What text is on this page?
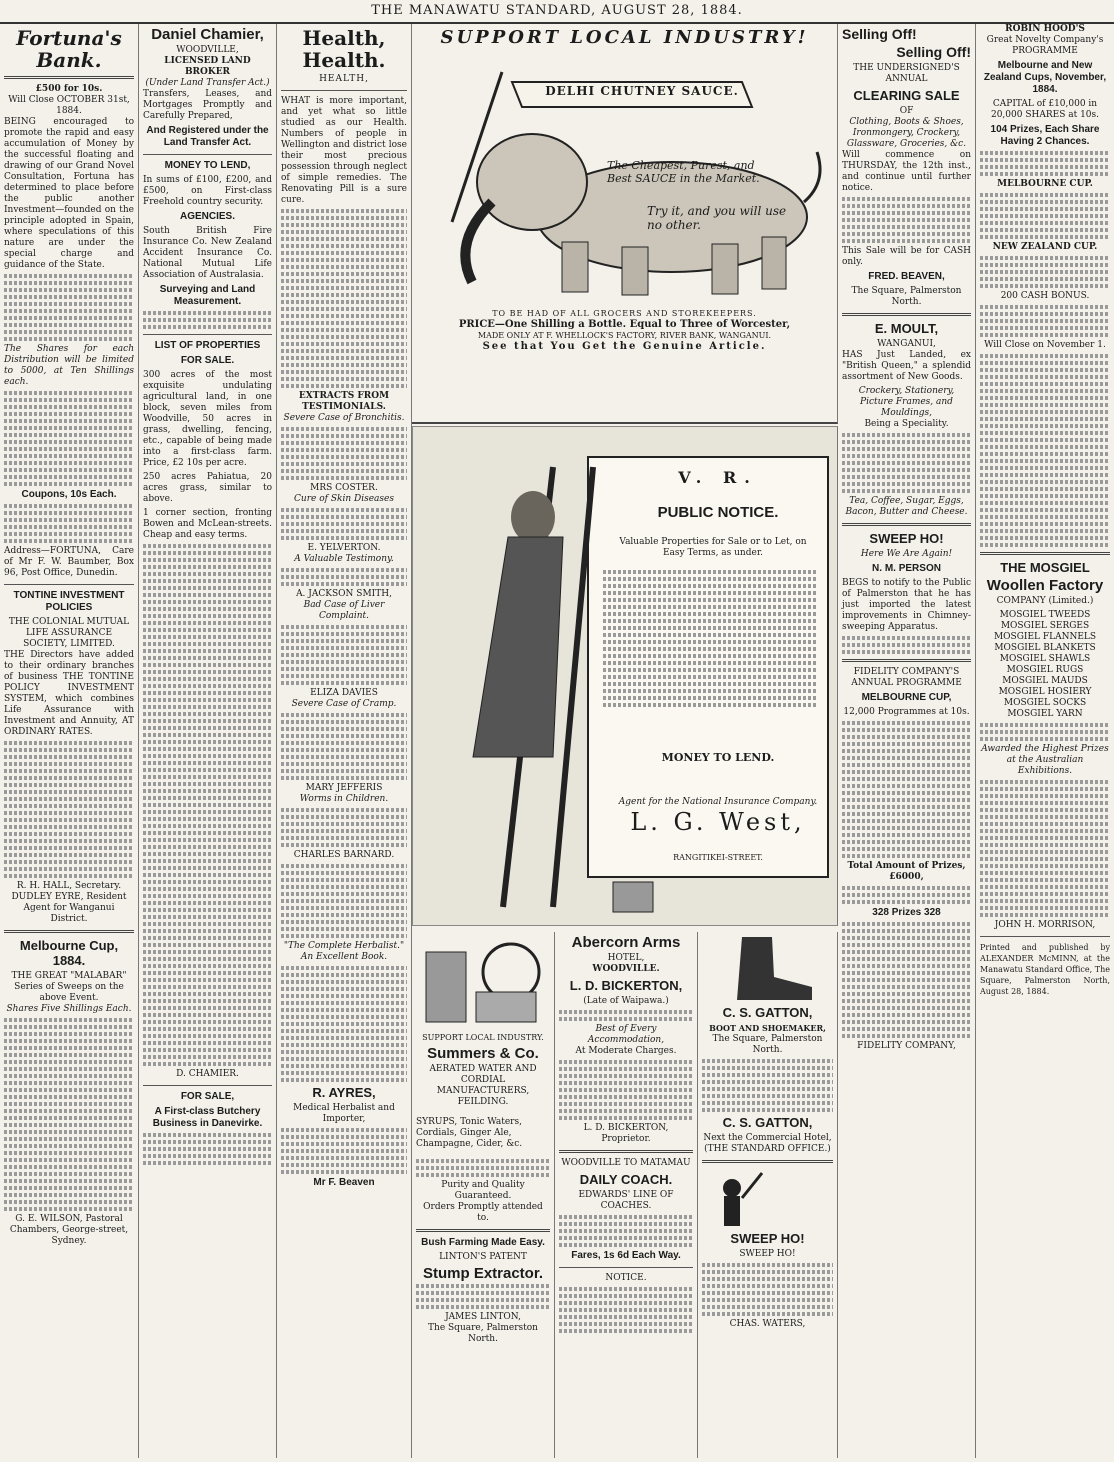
THE MANAWATU STANDARD, AUGUST 28, 1884.
Fortuna's Bank.
£500 for 10s.
Will Close OCTOBER 31st, 1884.

BEING encouraged to promote the rapid and easy accumulation of Money by the successful floating and drawing of our Grand Novel Consultation, Fortuna has determined to place before the public another Investment—founded on the principle adopted in Spain, where speculations of this nature are under the special charge and guidance of the State.

The Shares for each Distribution will be limited to 5000, at Ten Shillings each.

Coupons, 10s Each.

Address—FORTUNA, Care of Mr F. W. Baumber, Box 96, Post Office, Dunedin.

TONTINE INVESTMENT POLICIES
THE COLONIAL MUTUAL LIFE ASSURANCE SOCIETY, LIMITED.

THE Directors have added to their ordinary branches of business THE TONTINE POLICY INVESTMENT SYSTEM, which combines Life Assurance with Investment and Annuity, AT ORDINARY RATES.

R. H. HALL, Secretary.
DUDLEY EYRE, Resident Agent for Wanganui District.
Melbourne Cup, 1884.
THE GREAT "MALABAR" Series of Sweeps on the above Event.
Shares Five Shillings Each.
G. E. WILSON, Pastoral Chambers, George-street, Sydney.
Daniel Chamier,
WOODVILLE,
LICENSED LAND BROKER
(Under Land Transfer Act.)

Transfers, Leases, and Mortgages Promptly and Carefully Prepared,

And Registered under the Land Transfer Act.
MONEY TO LEND,

In sums of £100, £200, and £500, on First-class Freehold country security.

AGENCIES.

South British Fire Insurance Co. New Zealand Accident Insurance Co. National Mutual Life Association of Australasia.

Surveying and Land Measurement.
LIST OF PROPERTIES
FOR SALE.

300 acres of the most exquisite undulating agricultural land, in one block, seven miles from Woodville, 50 acres in grass, dwelling, fencing, etc., capable of being made into a first-class farm. Price, £2 10s per acre.

250 acres Pahiatua, 20 acres grass, similar to above.

1 corner section, fronting Bowen and McLean-streets. Cheap and easy terms.

D. CHAMIER.
FOR SALE,
A First-class Butchery Business in Danevirke.
Health, Health.
HEALTH,

WHAT is more important, and yet what so little studied as our Health. Numbers of people in Wellington and district lose their most precious possession through neglect of simple remedies. The Renovating Pill is a sure cure.

EXTRACTS FROM TESTIMONIALS.
Severe Case of Bronchitis.
MRS COSTER.
Cure of Skin Diseases
E. YELVERTON.
A Valuable Testimony.
A. JACKSON SMITH,
Bad Case of Liver Complaint.
ELIZA DAVIES
Severe Case of Cramp.
MARY JEFFERIS
Worms in Children.
CHARLES BARNARD.
"The Complete Herbalist." An Excellent Book.
R. AYRES,
Medical Herbalist and Importer,
Mr F. Beaven
SUPPORT LOCAL INDUSTRY!
DELHI CHUTNEY SAUCE.
The Cheapest, Purest, and Best SAUCE in the Market.
Try it, and you will use no other.
TO BE HAD OF ALL GROCERS AND STOREKEEPERS.
PRICE—One Shilling a Bottle. Equal to Three of Worcester,
MADE ONLY AT F. WHELLOCK'S FACTORY, RIVER BANK, WANGANUI.
See that You Get the Genuine Article.
V. R.
PUBLIC NOTICE.
Valuable Properties for Sale or to Let, on Easy Terms, as under.
MONEY TO LEND.
Agent for the National Insurance Company.
L. G. West,
RANGITIKEI-STREET.
SUPPORT LOCAL INDUSTRY.
Summers & Co.
AERATED WATER AND CORDIAL MANUFACTURERS, FEILDING.

SYRUPS, Tonic Waters, Cordials, Ginger Ale, Champagne, Cider, &c.

Purity and Quality Guaranteed.
Orders Promptly attended to.
Bush Farming Made Easy.
LINTON'S PATENT
Stump Extractor.
JAMES LINTON,
The Square, Palmerston North.
Abercorn Arms
HOTEL,
WOODVILLE.
L. D. BICKERTON,
(Late of Waipawa.)
Best of Every Accommodation,
At Moderate Charges.
L. D. BICKERTON, Proprietor.
WOODVILLE TO MATAMAU
DAILY COACH.
EDWARDS' LINE OF COACHES.
Fares, 1s 6d Each Way.
NOTICE.
C. S. GATTON,
BOOT AND SHOEMAKER,
The Square, Palmerston North.
C. S. GATTON,
Next the Commercial Hotel, (THE STANDARD OFFICE.)
SWEEP HO!
SWEEP HO!
CHAS. WATERS,
Selling Off!
Selling Off!
THE UNDERSIGNED'S
ANNUAL
CLEARING SALE
OF
Clothing, Boots & Shoes, Ironmongery, Crockery, Glassware, Groceries, &c.

Will commence on THURSDAY, the 12th inst., and continue until further notice.

This Sale will be for CASH only.

FRED. BEAVEN,
The Square, Palmerston North.
E. MOULT,
WANGANUI,

HAS Just Landed, ex "British Queen," a splendid assortment of New Goods.

Crockery, Stationery, Picture Frames, and Mouldings,
Being a Speciality.
Tea, Coffee, Sugar, Eggs, Bacon, Butter and Cheese.
SWEEP HO!
Here We Are Again!
N. M. PERSON

BEGS to notify to the Public of Palmerston that he has just imported the latest improvements in Chimney-sweeping Apparatus.

FIDELITY COMPANY'S
ANNUAL PROGRAMME
MELBOURNE CUP,
12,000 Programmes at 10s.
Total Amount of Prizes, £6000,
328 Prizes 328
FIDELITY COMPANY,
ROBIN HOOD'S
Great Novelty Company's
PROGRAMME
Melbourne and New Zealand Cups, November, 1884.
CAPITAL of £10,000 in 20,000 SHARES at 10s.
104 Prizes, Each Share Having 2 Chances.
MELBOURNE CUP.
NEW ZEALAND CUP.
200 CASH BONUS.
Will Close on November 1.
THE MOSGIEL
Woollen Factory
COMPANY (Limited.)
MOSGIEL TWEEDS
MOSGIEL SERGES
MOSGIEL FLANNELS
MOSGIEL BLANKETS
MOSGIEL SHAWLS
MOSGIEL RUGS
MOSGIEL MAUDS
MOSGIEL HOSIERY
MOSGIEL SOCKS
MOSGIEL YARN
Awarded the Highest Prizes at the Australian Exhibitions.
JOHN H. MORRISON,

Printed and published by ALEXANDER McMINN, at the Manawatu Standard Office, The Square, Palmerston North, August 28, 1884.
